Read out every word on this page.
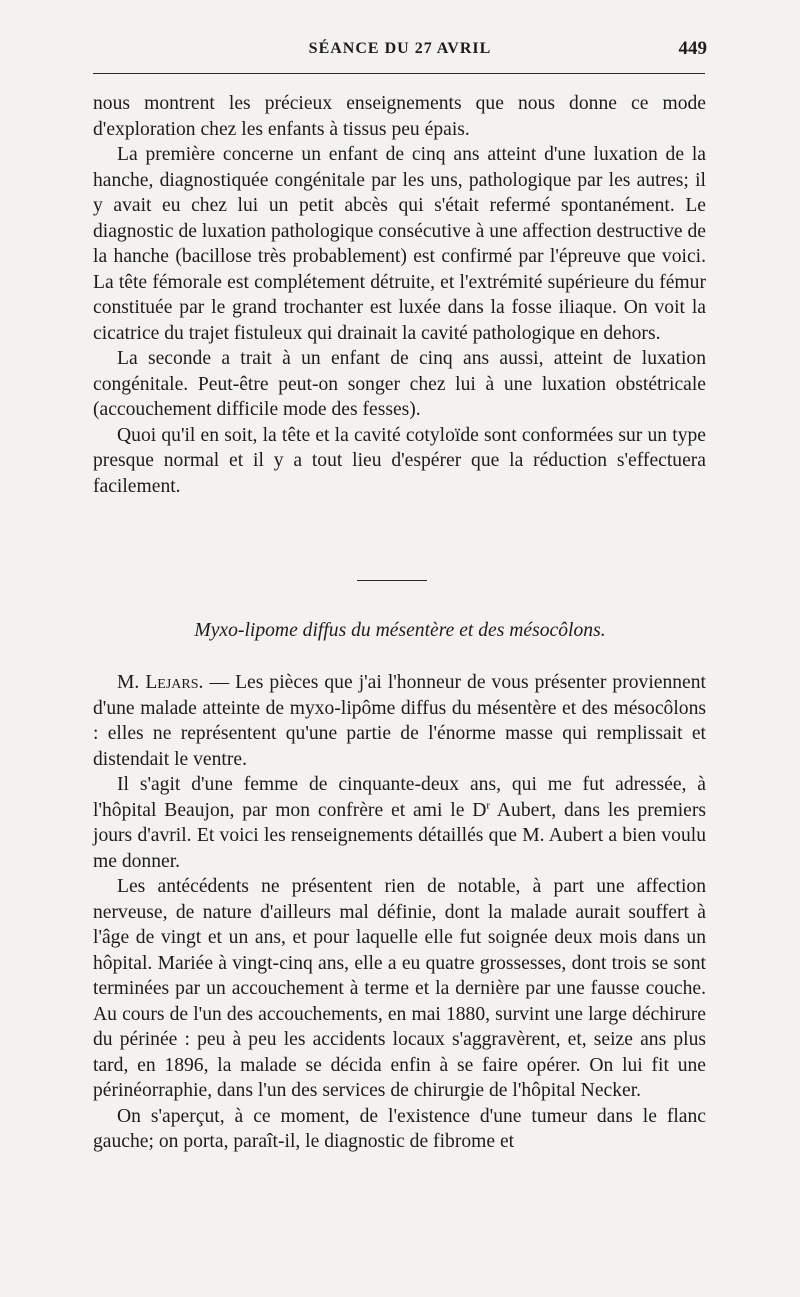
SÉANCE DU 27 AVRIL	449

nous montrent les précieux enseignements que nous donne ce mode d'exploration chez les enfants à tissus peu épais.

La première concerne un enfant de cinq ans atteint d'une luxation de la hanche, diagnostiquée congénitale par les uns, pathologique par les autres; il y avait eu chez lui un petit abcès qui s'était refermé spontanément. Le diagnostic de luxation pathologique consécutive à une affection destructive de la hanche (bacillose très probablement) est confirmé par l'épreuve que voici. La tête fémorale est complétement détruite, et l'extrémité supérieure du fémur constituée par le grand trochanter est luxée dans la fosse iliaque. On voit la cicatrice du trajet fistuleux qui drainait la cavité pathologique en dehors.

La seconde a trait à un enfant de cinq ans aussi, atteint de luxation congénitale. Peut-être peut-on songer chez lui à une luxation obstétricale (accouchement difficile mode des fesses).

Quoi qu'il en soit, la tête et la cavité cotyloïde sont conformées sur un type presque normal et il y a tout lieu d'espérer que la réduction s'effectuera facilement.

Myxo-lipome diffus du mésentère et des mésocôlons.

M. Lejars. — Les pièces que j'ai l'honneur de vous présenter proviennent d'une malade atteinte de myxo-lipôme diffus du mésentère et des mésocôlons : elles ne représentent qu'une partie de l'énorme masse qui remplissait et distendait le ventre.

Il s'agit d'une femme de cinquante-deux ans, qui me fut adressée, à l'hôpital Beaujon, par mon confrère et ami le $D^r$ Aubert, dans les premiers jours d'avril. Et voici les renseignements détaillés que M. Aubert a bien voulu me donner.

Les antécédents ne présentent rien de notable, à part une affection nerveuse, de nature d'ailleurs mal définie, dont la malade aurait souffert à l'âge de vingt et un ans, et pour laquelle elle fut soignée deux mois dans un hôpital. Mariée à vingt-cinq ans, elle a eu quatre grossesses, dont trois se sont terminées par un accouchement à terme et la dernière par une fausse couche. Au cours de l'un des accouchements, en mai 1880, survint une large déchirure du périnée : peu à peu les accidents locaux s'aggravèrent, et, seize ans plus tard, en 1896, la malade se décida enfin à se faire opérer. On lui fit une périnéorraphie, dans l'un des services de chirurgie de l'hôpital Necker.

On s'aperçut, à ce moment, de l'existence d'une tumeur dans le flanc gauche; on porta, paraît-il, le diagnostic de fibrome et
